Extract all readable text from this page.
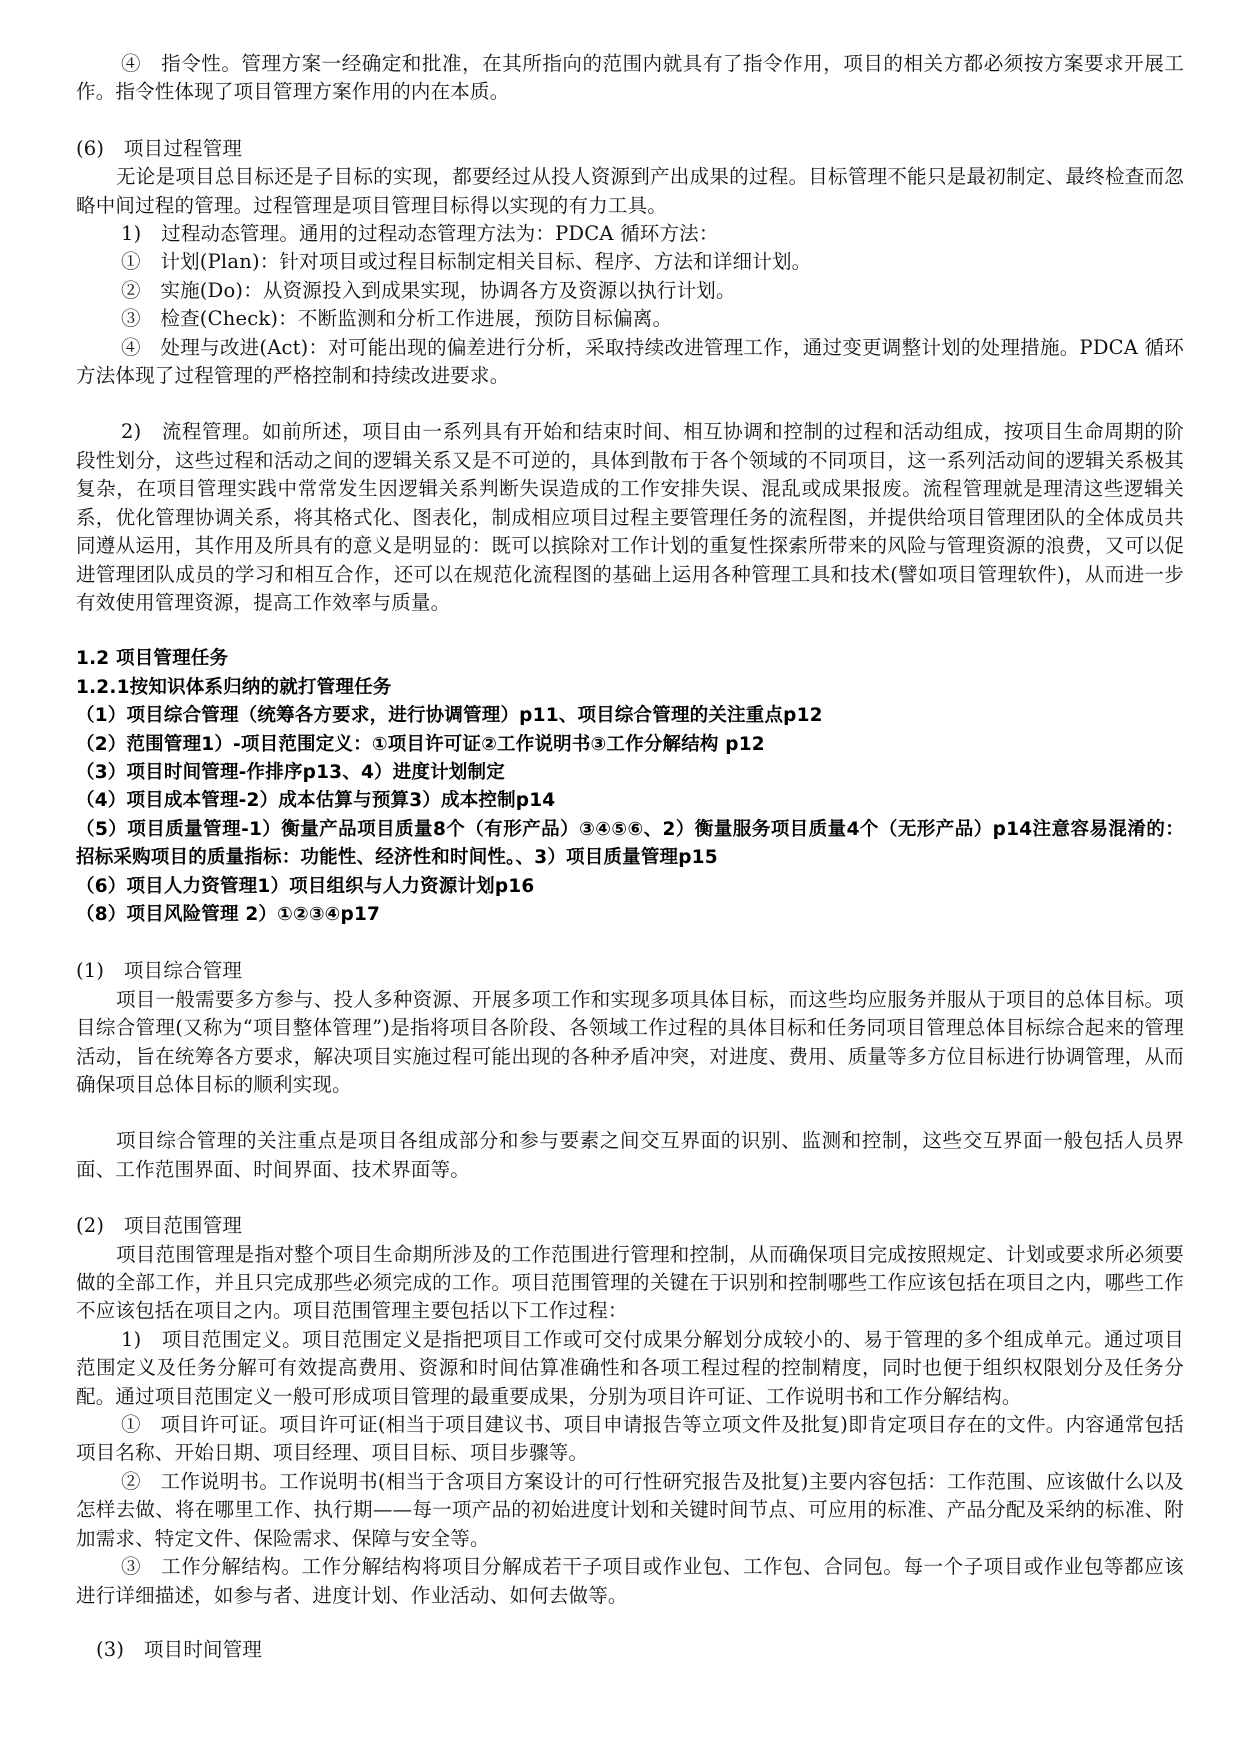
④　指令性。管理方案一经确定和批准，在其所指向的范围内就具有了指令作用，项目的相关方都必须按方案要求开展工作。指令性体现了项目管理方案作用的内在本质。

(6)　项目过程管理

无论是项目总目标还是子目标的实现，都要经过从投人资源到产出成果的过程。目标管理不能只是最初制定、最终检查而忽略中间过程的管理。过程管理是项目管理目标得以实现的有力工具。

1)　过程动态管理。通用的过程动态管理方法为：PDCA 循环方法：

①　计划(Plan)：针对项目或过程目标制定相关目标、程序、方法和详细计划。

②　实施(Do)：从资源投入到成果实现，协调各方及资源以执行计划。

③　检查(Check)：不断监测和分析工作进展，预防目标偏离。

④　处理与改进(Act)：对可能出现的偏差进行分析，采取持续改进管理工作，通过变更调整计划的处理措施。PDCA 循环方法体现了过程管理的严格控制和持续改进要求。

2)　流程管理。如前所述，项目由一系列具有开始和结束时间、相互协调和控制的过程和活动组成，按项目生命周期的阶段性划分，这些过程和活动之间的逻辑关系又是不可逆的，具体到散布于各个领域的不同项目，这一系列活动间的逻辑关系极其复杂，在项目管理实践中常常发生因逻辑关系判断失误造成的工作安排失误、混乱或成果报废。流程管理就是理清这些逻辑关系，优化管理协调关系，将其格式化、图表化，制成相应项目过程主要管理任务的流程图，并提供给项目管理团队的全体成员共同遵从运用，其作用及所具有的意义是明显的：既可以摈除对工作计划的重复性探索所带来的风险与管理资源的浪费，又可以促进管理团队成员的学习和相互合作，还可以在规范化流程图的基础上运用各种管理工具和技术(譬如项目管理软件)，从而进一步有效使用管理资源，提高工作效率与质量。

1.2 项目管理任务

1.2.1按知识体系归纳的就打管理任务

（1）项目综合管理（统筹各方要求，进行协调管理）p11、项目综合管理的关注重点p12

（2）范围管理1）-项目范围定义：①项目许可证②工作说明书③工作分解结构 p12

（3）项目时间管理-作排序p13、4）进度计划制定

（4）项目成本管理-2）成本估算与预算3）成本控制p14

（5）项目质量管理-1）衡量产品项目质量8个（有形产品）③④⑤⑥、2）衡量服务项目质量4个（无形产品）p14注意容易混淆的：招标采购项目的质量指标：功能性、经济性和时间性。、3）项目质量管理p15

（6）项目人力资管理1）项目组织与人力资源计划p16

（8）项目风险管理 2）①②③④p17

(1)　项目综合管理

项目一般需要多方参与、投人多种资源、开展多项工作和实现多项具体目标，而这些均应服务并服从于项目的总体目标。项目综合管理(又称为“项目整体管理”)是指将项目各阶段、各领域工作过程的具体目标和任务同项目管理总体目标综合起来的管理活动，旨在统筹各方要求，解决项目实施过程可能出现的各种矛盾冲突，对进度、费用、质量等多方位目标进行协调管理，从而确保项目总体目标的顺利实现。

项目综合管理的关注重点是项目各组成部分和参与要素之间交互界面的识别、监测和控制，这些交互界面一般包括人员界面、工作范围界面、时间界面、技术界面等。

(2)　项目范围管理

项目范围管理是指对整个项目生命期所涉及的工作范围进行管理和控制，从而确保项目完成按照规定、计划或要求所必须要做的全部工作，并且只完成那些必须完成的工作。项目范围管理的关键在于识别和控制哪些工作应该包括在项目之内，哪些工作不应该包括在项目之内。项目范围管理主要包括以下工作过程：

1)　项目范围定义。项目范围定义是指把项目工作或可交付成果分解划分成较小的、易于管理的多个组成单元。通过项目范围定义及任务分解可有效提高费用、资源和时间估算准确性和各项工程过程的控制精度，同时也便于组织权限划分及任务分配。通过项目范围定义一般可形成项目管理的最重要成果，分别为项目许可证、工作说明书和工作分解结构。

①　项目许可证。项目许可证(相当于项目建议书、项目申请报告等立项文件及批复)即肯定项目存在的文件。内容通常包括项目名称、开始日期、项目经理、项目目标、项目步骤等。

②　工作说明书。工作说明书(相当于含项目方案设计的可行性研究报告及批复)主要内容包括：工作范围、应该做什么以及怎样去做、将在哪里工作、执行期——每一项产品的初始进度计划和关键时间节点、可应用的标准、产品分配及采纳的标准、附加需求、特定文件、保险需求、保障与安全等。

③　工作分解结构。工作分解结构将项目分解成若干子项目或作业包、工作包、合同包。每一个子项目或作业包等都应该进行详细描述，如参与者、进度计划、作业活动、如何去做等。

(3)　项目时间管理
